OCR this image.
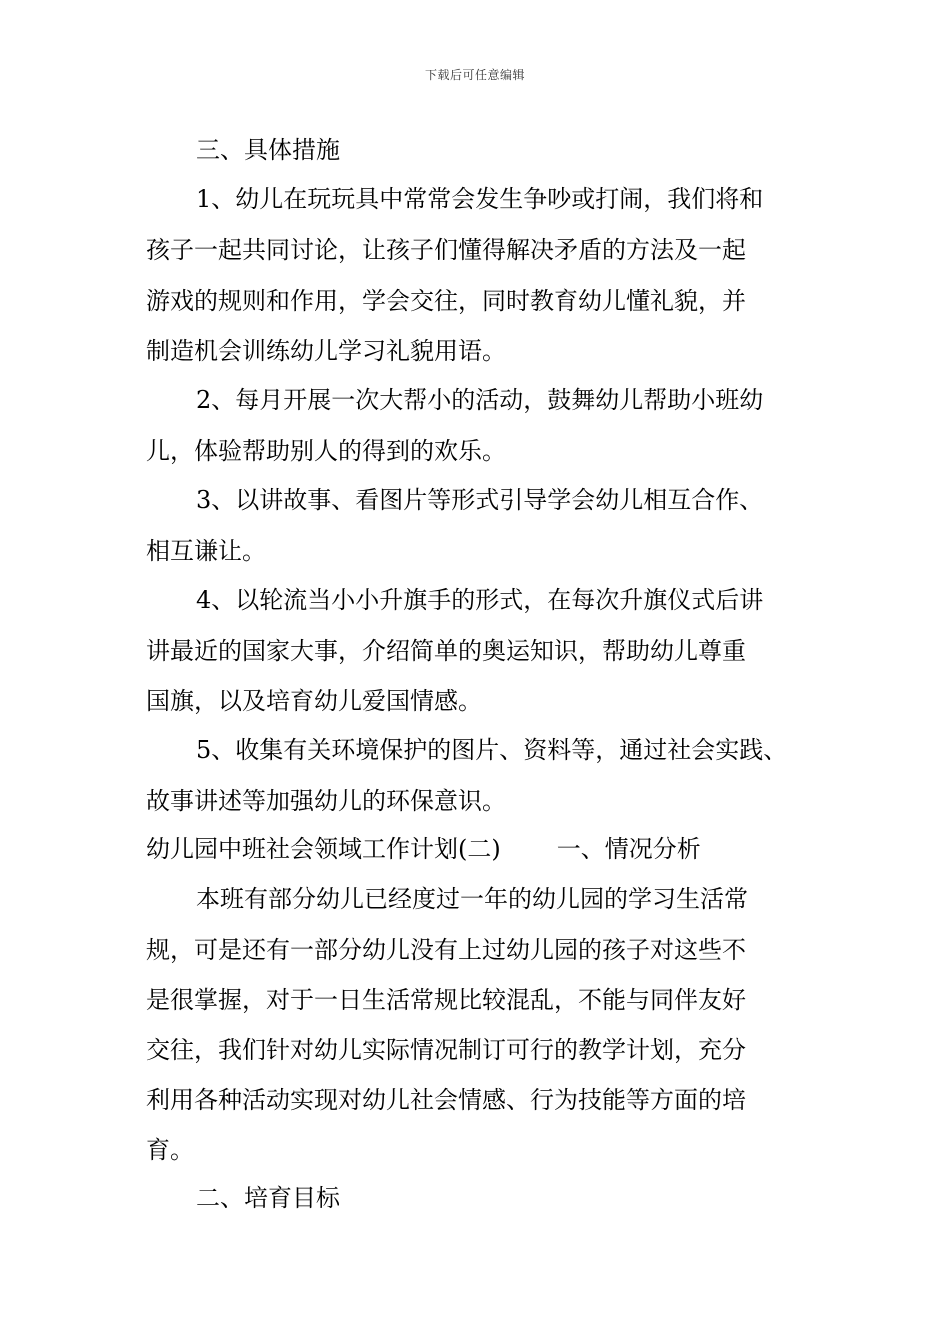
下载后可任意编辑
三、具体措施
1、幼儿在玩玩具中常常会发生争吵或打闹，我们将和
孩子一起共同讨论，让孩子们懂得解决矛盾的方法及一起
游戏的规则和作用，学会交往，同时教育幼儿懂礼貌，并
制造机会训练幼儿学习礼貌用语。
2、每月开展一次大帮小的活动，鼓舞幼儿帮助小班幼
儿，体验帮助别人的得到的欢乐。
3、以讲故事、看图片等形式引导学会幼儿相互合作、
相互谦让。
4、以轮流当小小升旗手的形式，在每次升旗仪式后讲
讲最近的国家大事，介绍简单的奥运知识，帮助幼儿尊重
国旗，以及培育幼儿爱国情感。
5、收集有关环境保护的图片、资料等，通过社会实践、
故事讲述等加强幼儿的环保意识。
幼儿园中班社会领域工作计划(二) 一、情况分析
本班有部分幼儿已经度过一年的幼儿园的学习生活常
规，可是还有一部分幼儿没有上过幼儿园的孩子对这些不
是很掌握，对于一日生活常规比较混乱，不能与同伴友好
交往，我们针对幼儿实际情况制订可行的教学计划，充分
利用各种活动实现对幼儿社会情感、行为技能等方面的培
育。
二、培育目标
